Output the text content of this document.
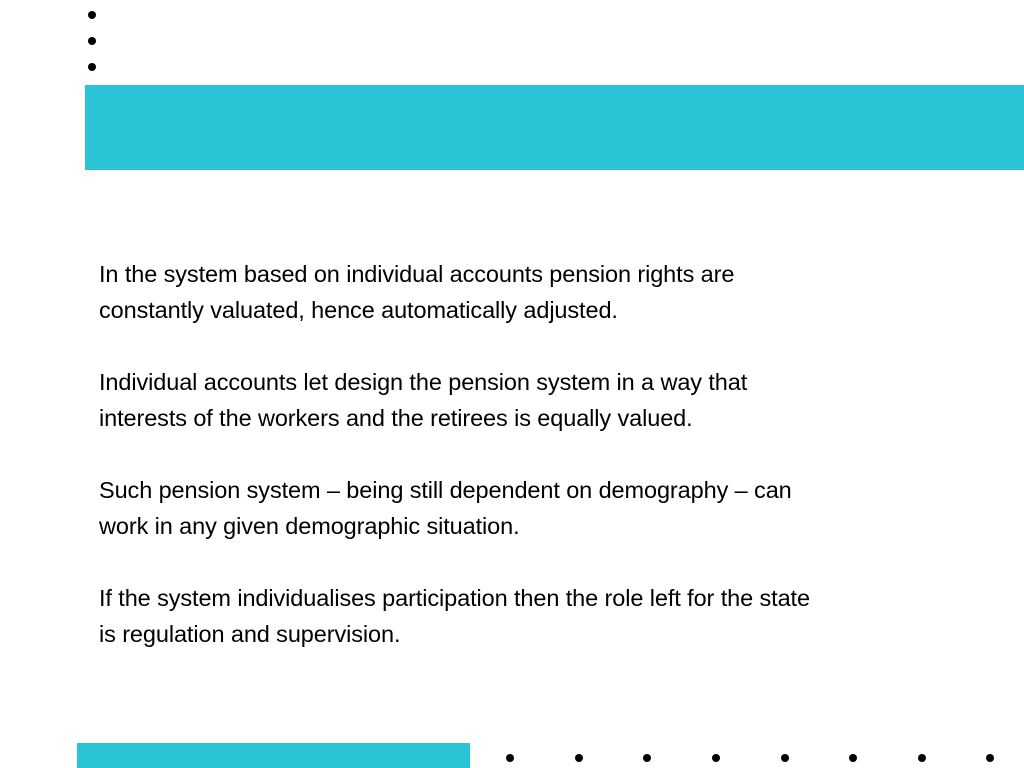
In the system based on individual accounts pension rights are
constantly valuated, hence automatically adjusted.

Individual accounts let design the pension system in a way that
interests of the workers and the retirees is equally valued.

Such pension system – being still dependent on demography – can
work in any given demographic situation.

If the system individualises participation then the role left for the state
is regulation and supervision.
